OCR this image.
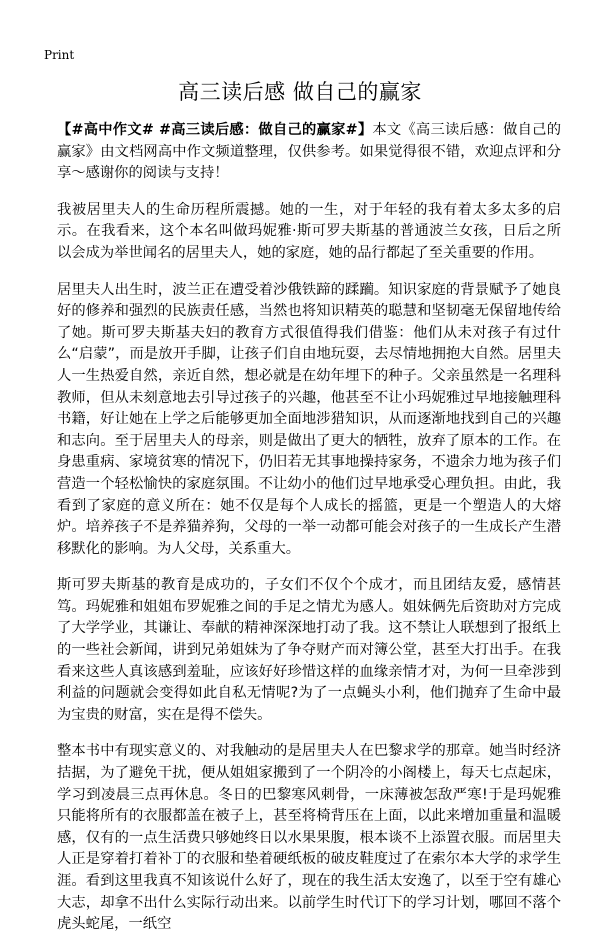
Print
高三读后感 做自己的赢家

【#高中作文# #高三读后感：做自己的赢家#】本文《高三读后感：做自己的赢家》由文档网高中作文频道整理，仅供参考。如果觉得很不错，欢迎点评和分享～感谢你的阅读与支持！

我被居里夫人的生命历程所震撼。她的一生，对于年轻的我有着太多太多的启示。在我看来，这个本名叫做玛妮雅·斯可罗夫斯基的普通波兰女孩，日后之所以会成为举世闻名的居里夫人，她的家庭，她的品行都起了至关重要的作用。

居里夫人出生时，波兰正在遭受着沙俄铁蹄的蹂躏。知识家庭的背景赋予了她良好的修养和强烈的民族责任感，当然也将知识精英的聪慧和坚韧毫无保留地传给了她。斯可罗夫斯基夫妇的教育方式很值得我们借鉴：他们从未对孩子有过什么“启蒙”，而是放开手脚，让孩子们自由地玩耍，去尽情地拥抱大自然。居里夫人一生热爱自然，亲近自然，想必就是在幼年埋下的种子。父亲虽然是一名理科教师，但从未刻意地去引导过孩子的兴趣，他甚至不让小玛妮雅过早地接触理科书籍，好让她在上学之后能够更加全面地涉猎知识，从而逐渐地找到自己的兴趣和志向。至于居里夫人的母亲，则是做出了更大的牺牲，放弃了原本的工作。在身患重病、家境贫寒的情况下，仍旧若无其事地操持家务，不遗余力地为孩子们营造一个轻松愉快的家庭氛围。不让幼小的他们过早地承受心理负担。由此，我看到了家庭的意义所在：她不仅是每个人成长的摇篮，更是一个塑造人的大熔炉。培养孩子不是养猫养狗，父母的一举一动都可能会对孩子的一生成长产生潜移默化的影响。为人父母，关系重大。

斯可罗夫斯基的教育是成功的，子女们不仅个个成才，而且团结友爱，感情甚笃。玛妮雅和姐姐布罗妮雅之间的手足之情尤为感人。姐妹俩先后资助对方完成了大学学业，其谦让、奉献的精神深深地打动了我。这不禁让人联想到了报纸上的一些社会新闻，讲到兄弟姐妹为了争夺财产而对簿公堂，甚至大打出手。在我看来这些人真该感到羞耻，应该好好珍惜这样的血缘亲情才对，为何一旦牵涉到利益的问题就会变得如此自私无情呢?为了一点蝇头小利，他们抛弃了生命中最为宝贵的财富，实在是得不偿失。

整本书中有现实意义的、对我触动的是居里夫人在巴黎求学的那章。她当时经济拮据，为了避免干扰，便从姐姐家搬到了一个阴冷的小阁楼上，每天七点起床，学习到凌晨三点再休息。冬日的巴黎寒风刺骨，一床薄被怎敌严寒!于是玛妮雅只能将所有的衣服都盖在被子上，甚至将椅背压在上面，以此来增加重量和温暖感，仅有的一点生活费只够她终日以水果果腹，根本谈不上添置衣服。而居里夫人正是穿着打着补丁的衣服和垫着硬纸板的破皮鞋度过了在索尔本大学的求学生涯。看到这里我真不知该说什么好了，现在的我生活太安逸了，以至于空有雄心大志，却拿不出什么实际行动出来。以前学生时代订下的学习计划，哪回不落个虎头蛇尾，一纸空
